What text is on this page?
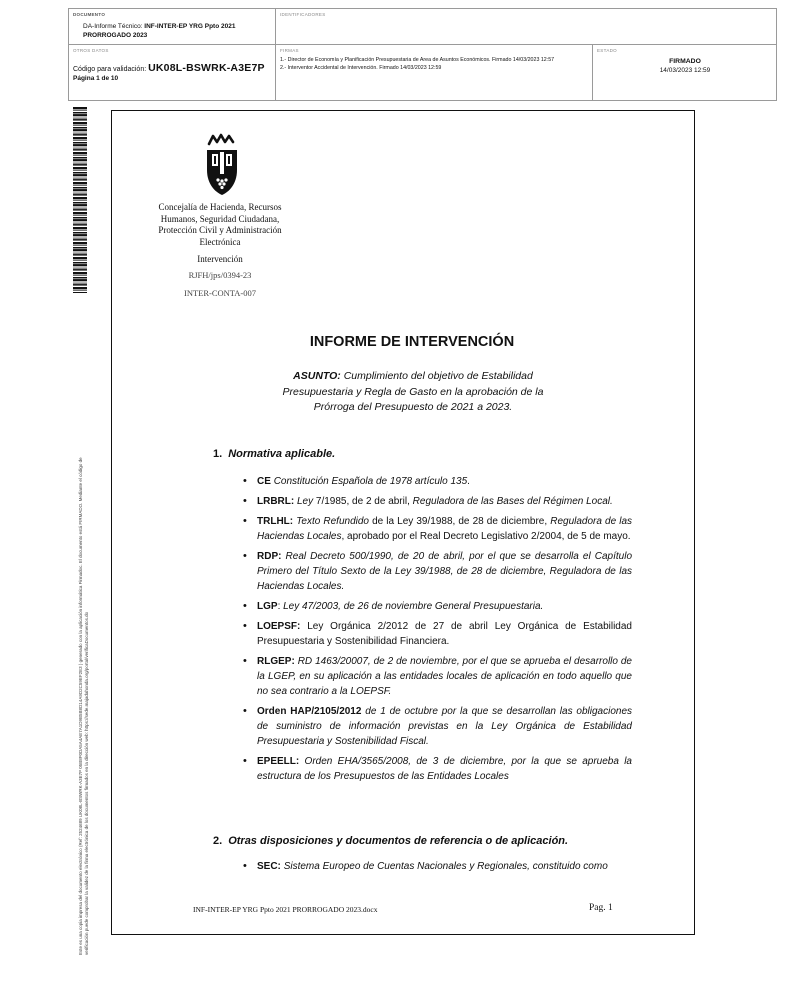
DOCUMENTO
DA-Informe Técnico: INF-INTER-EP YRG Ppto 2021 PRORROGADO 2023
IDENTIFICADORES
OTROS DATOS
Código para validación: UK08L-BSWRK-A3E7P
Página 1 de 10
FIRMAS
1.- Director de Economía y Planificación Presupuestaria de Area de Asuntos Económicos. Firmado 14/03/2023 12:57
2.- Interventor Accidental de Intervención. Firmado 14/03/2023 12:59
ESTADO
FIRMADO
14/03/2023 12:59
Este es una copia impresa del documento electrónico (Ref: 2524689 UK08L-BSWRK-A3E7P 05B8F0DA5A4AE7A1D9B5B8D14A9D2C59EF2E3 ) generado con la aplicación informática Firmadoc. El documento está FIRMADO. Mediante el código de verificación puede comprobar la validez de la firma electrónica de los documentos firmados en la dirección web: https://sede.majadahonda.org/portal/verificaDocumentos.do
Concejalía de Hacienda, Recursos Humanos, Seguridad Ciudadana, Protección Civil y Administración Electrónica
Intervención
RJFH/jps/0394-23
INTER-CONTA-007
INFORME DE INTERVENCIÓN
ASUNTO: Cumplimiento del objetivo de Estabilidad Presupuestaria y Regla de Gasto en la aprobación de la Prórroga del Presupuesto de 2021 a 2023.
1. Normativa aplicable.
• CE Constitución Española de 1978 artículo 135.
• LRBRL: Ley 7/1985, de 2 de abril, Reguladora de las Bases del Régimen Local.
• TRLHL: Texto Refundido de la Ley 39/1988, de 28 de diciembre, Reguladora de las Haciendas Locales, aprobado por el Real Decreto Legislativo 2/2004, de 5 de mayo.
• RDP: Real Decreto 500/1990, de 20 de abril, por el que se desarrolla el Capítulo Primero del Título Sexto de la Ley 39/1988, de 28 de diciembre, Reguladora de las Haciendas Locales.
• LGP: Ley 47/2003, de 26 de noviembre General Presupuestaria.
• LOEPSF: Ley Orgánica 2/2012 de 27 de abril Ley Orgánica de Estabilidad Presupuestaria y Sostenibilidad Financiera.
• RLGEP: RD 1463/20007, de 2 de noviembre, por el que se aprueba el desarrollo de la LGEP, en su aplicación a las entidades locales de aplicación en todo aquello que no sea contrario a la LOEPSF.
• Orden HAP/2105/2012 de 1 de octubre por la que se desarrollan las obligaciones de suministro de información previstas en la Ley Orgánica de Estabilidad Presupuestaria y Sostenibilidad Fiscal.
• EPEELL: Orden EHA/3565/2008, de 3 de diciembre, por la que se aprueba la estructura de los Presupuestos de las Entidades Locales
2. Otras disposiciones y documentos de referencia o de aplicación.
• SEC: Sistema Europeo de Cuentas Nacionales y Regionales, constituido como
INF-INTER-EP YRG Ppto 2021 PRORROGADO 2023.docx	Pag. 1
